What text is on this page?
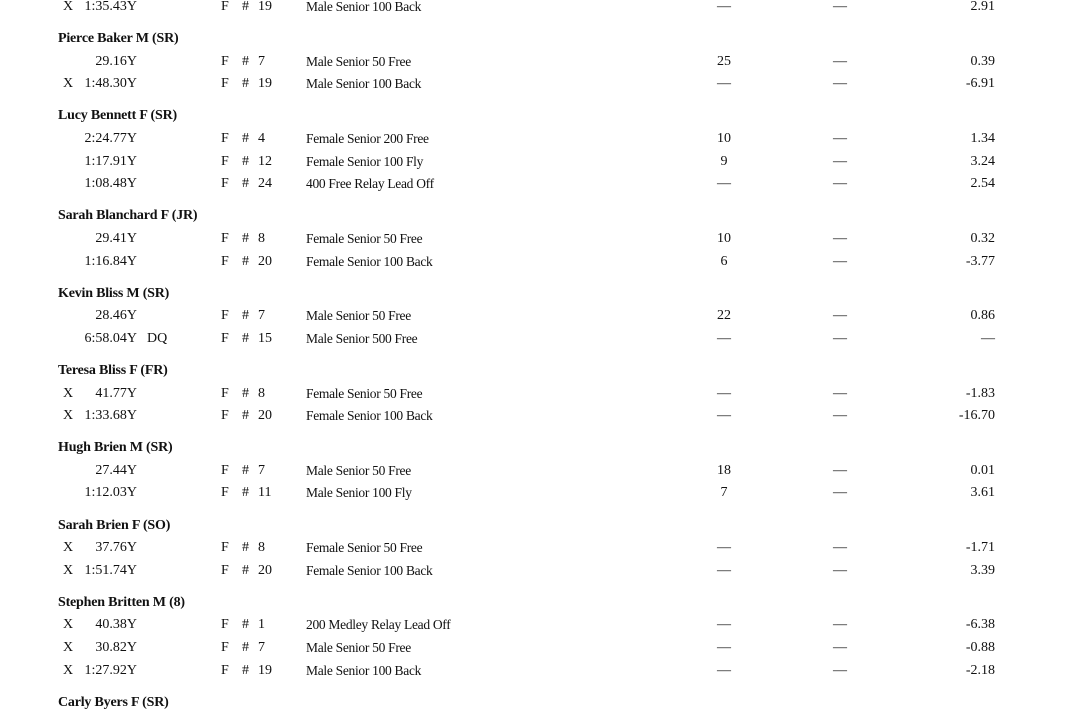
X 1:35.43Y	F # 19	Male Senior 100 Back	—	—	2.91
Pierce Baker M (SR)
29.16Y	F # 7	Male Senior 50 Free	25	—	0.39
X 1:48.30Y	F # 19	Male Senior 100 Back	—	—	-6.91
Lucy Bennett F (SR)
2:24.77Y	F # 4	Female Senior 200 Free	10	—	1.34
1:17.91Y	F # 12	Female Senior 100 Fly	9	—	3.24
1:08.48Y	F # 24	400 Free Relay Lead Off	—	—	2.54
Sarah Blanchard F (JR)
29.41Y	F # 8	Female Senior 50 Free	10	—	0.32
1:16.84Y	F # 20	Female Senior 100 Back	6	—	-3.77
Kevin Bliss M (SR)
28.46Y	F # 7	Male Senior 50 Free	22	—	0.86
6:58.04Y DQ	F # 15	Male Senior 500 Free	—	—	—
Teresa Bliss F (FR)
X 41.77Y	F # 8	Female Senior 50 Free	—	—	-1.83
X 1:33.68Y	F # 20	Female Senior 100 Back	—	—	-16.70
Hugh Brien M (SR)
27.44Y	F # 7	Male Senior 50 Free	18	—	0.01
1:12.03Y	F # 11	Male Senior 100 Fly	7	—	3.61
Sarah Brien F (SO)
X 37.76Y	F # 8	Female Senior 50 Free	—	—	-1.71
X 1:51.74Y	F # 20	Female Senior 100 Back	—	—	3.39
Stephen Britten M (8)
X 40.38Y	F # 1	200 Medley Relay Lead Off	—	—	-6.38
X 30.82Y	F # 7	Male Senior 50 Free	—	—	-0.88
X 1:27.92Y	F # 19	Male Senior 100 Back	—	—	-2.18
Carly Byers F (SR)
